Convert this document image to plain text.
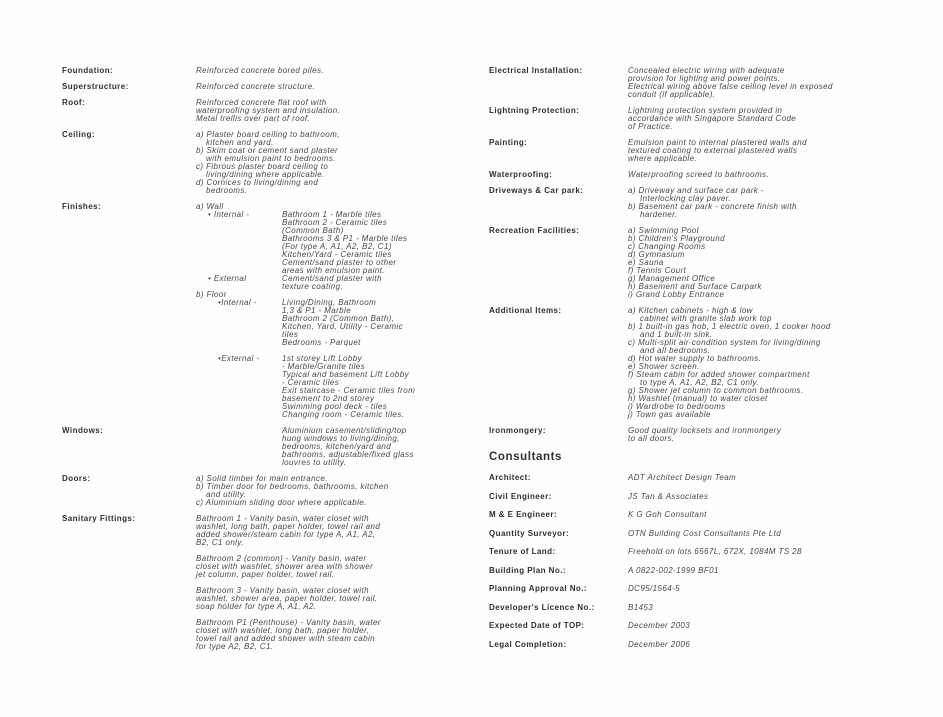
Foundation:	Reinforced concrete bored piles.
Superstructure:	Reinforced concrete structure.
Roof:	Reinforced concrete flat roof with
waterproofing system and insulation.
Metal trellis over part of roof.
Ceiling:	a) Plaster board ceiling to bathroom,
kitchen and yard.
b) Skim coat or cement sand plaster
with emulsion paint to bedrooms.
c) Fibrous plaster board ceiling to
living/dining where applicable.
d) Cornices to living/dining and
bedrooms.
Finishes:	a) Wall
• Internal -	Bathroom 1 - Marble tiles
Bathroom 2 - Ceramic tiles
(Common Bath)
Bathrooms 3 & P1 - Marble tiles
(For type A, A1, A2, B2, C1)
Kitchen/Yard - Ceramic tiles
Cement/sand plaster to other
areas with emulsion paint.
• External	Cement/sand plaster with
texture coating.
b) Floor
•Internal -	Living/Dining, Bathroom
1,3 & P1 - Marble
Bathroom 2 (Common Bath),
Kitchen, Yard, Utility - Ceramic
tiles
Bedrooms - Parquet

•External -	1st storey Lift Lobby
- Marble/Granite tiles
Typical and basement Lift Lobby
- Ceramic tiles
Exit staircase - Ceramic tiles from
basement to 2nd storey
Swimming pool deck - tiles
Changing room - Ceramic tiles.
Windows:	Aluminium casement/sliding/top
hung windows to living/dining,
bedrooms, kitchen/yard and
bathrooms, adjustable/fixed glass
louvres to utility.
Doors:	a) Solid timber for main entrance.
b) Timber door for bedrooms, bathrooms, kitchen
and utility.
c) Aluminium sliding door where applicable.
Sanitary Fittings:	Bathroom 1 - Vanity basin, water closet with
washlet, long bath, paper holder, towel rail and
added shower/steam cabin for type A, A1, A2,
B2, C1 only.

Bathroom 2 (common) - Vanity basin, water
closet with washlet, shower area with shower
jet column, paper holder, towel rail.

Bathroom 3 - Vanity basin, water closet with
washlet, shower area, paper holder, towel rail,
soap holder for type A, A1, A2.

Bathroom P1 (Penthouse) - Vanity basin, water
closet with washlet, long bath, paper holder,
towel rail and added shower with steam cabin
for type A2, B2, C1.
Electrical Installation:	Concealed electric wiring with adequate
provision for lighting and power points.
Electrical wiring above false ceiling level in exposed
conduit (if applicable).
Lightning Protection:	Lightning protection system provided in
accordance with Singapore Standard Code
of Practice.
Painting:	Emulsion paint to internal plastered walls and
textured coating to external plastered walls
where applicable.
Waterproofing:	Waterproofing screed to bathrooms.
Driveways & Car park:	a) Driveway and surface car park -
Interlocking clay paver.
b) Basement car park - concrete finish with
hardener.
Recreation Facilities:	a) Swimming Pool
b) Children's Playground
c) Changing Rooms
d) Gymnasium
e) Sauna
f) Tennis Court
g) Management Office
h) Basement and Surface Carpark
i) Grand Lobby Entrance
Additional Items:	a) Kitchen cabinets - high & low
cabinet with granite slab work top
b) 1 built-in gas hob, 1 electric oven, 1 cooker hood
and 1 built-in sink.
c) Multi-split air-condition system for living/dining
and all bedrooms.
d) Hot water supply to bathrooms.
e) Shower screen.
f) Steam cabin for added shower compartment
to type A, A1, A2, B2, C1 only.
g) Shower jet column to common bathrooms.
h) Washlet (manual) to water closet
i) Wardrobe to bedrooms
j) Town gas available
Ironmongery:	Good quality locksets and ironmongery
to all doors.
Consultants
Architect:	ADT Architect Design Team
Civil Engineer:	JS Tan & Associates
M & E Engineer:	K G Goh Consultant
Quantity Surveyor:	OTN Building Cost Consultants Pte Ltd
Tenure of Land:	Freehold on lots 6567L, 672X, 1084M TS 28
Building Plan No.:	A 0822-002-1999 BF01
Planning Approval No.:	DC95/1564-5
Developer's Licence No.:	B1453
Expected Date of TOP:	December 2003
Legal Completion:	December 2006
